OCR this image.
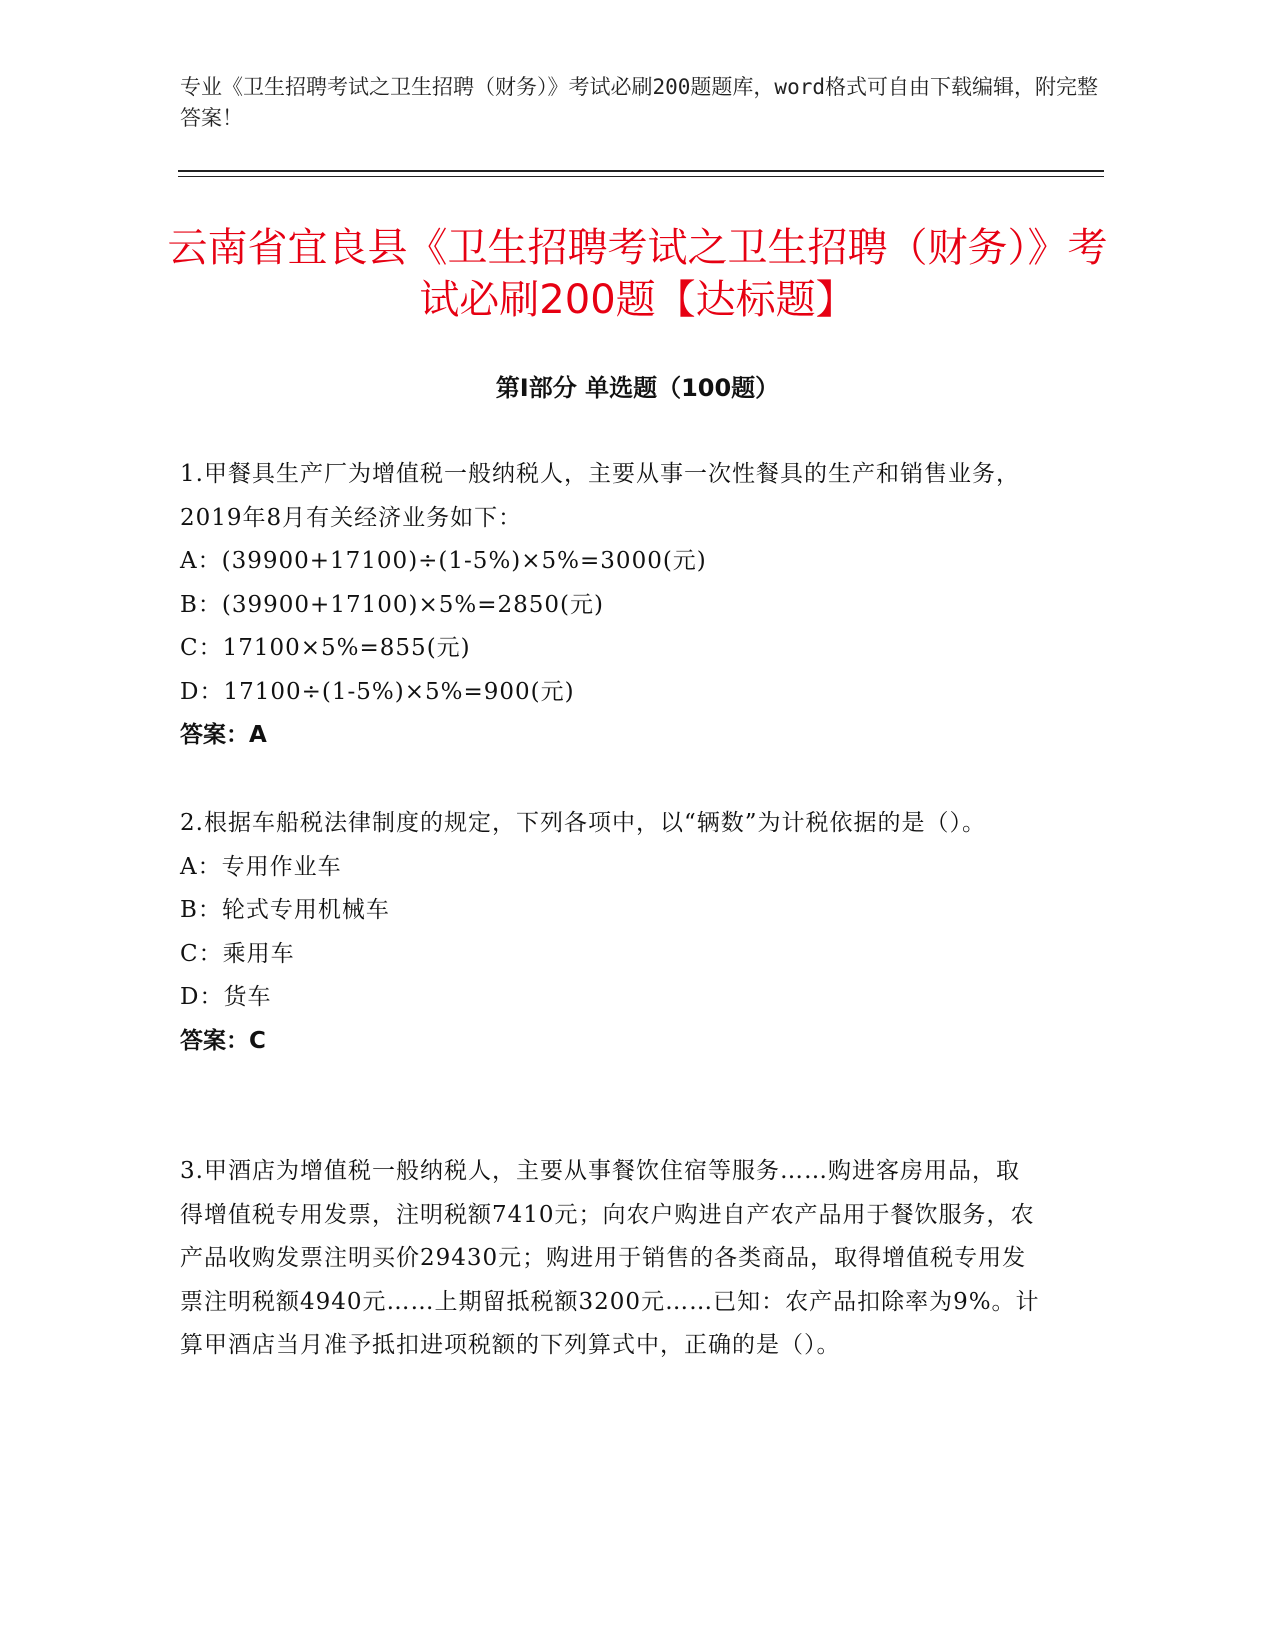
专业《卫生招聘考试之卫生招聘（财务）》考试必刷200题题库，word格式可自由下载编辑，附完整答案！
云南省宜良县《卫生招聘考试之卫生招聘（财务）》考试必刷200题【达标题】
第Ⅰ部分 单选题（100题）
1.甲餐具生产厂为增值税一般纳税人，主要从事一次性餐具的生产和销售业务，2019年8月有关经济业务如下：
A：(39900+17100)÷(1-5%)×5%=3000(元)
B：(39900+17100)×5%=2850(元)
C：17100×5%=855(元)
D：17100÷(1-5%)×5%=900(元)
答案：A
2.根据车船税法律制度的规定，下列各项中，以“辆数”为计税依据的是（）。
A：专用作业车
B：轮式专用机械车
C：乘用车
D：货车
答案：C
3.甲酒店为增值税一般纳税人，主要从事餐饮住宿等服务……购进客房用品，取得增值税专用发票，注明税额7410元；向农户购进自产农产品用于餐饮服务，农产品收购发票注明买价29430元；购进用于销售的各类商品，取得增值税专用发票注明税额4940元……上期留抵税额3200元……已知：农产品扣除率为9%。计算甲酒店当月准予抵扣进项税额的下列算式中，正确的是（）。
